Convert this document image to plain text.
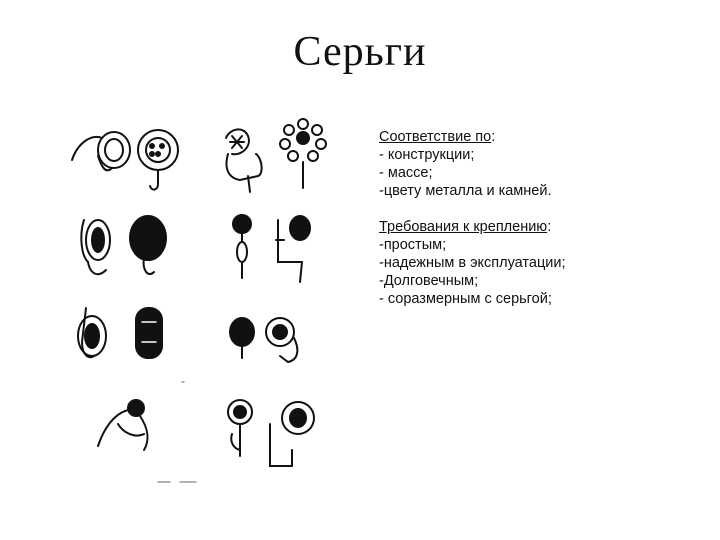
Серьги
Соответствие по:
- конструкции;
- массе;
-цвету металла и камней.
Требования к креплению:
-простым;
-надежным в эксплуатации;
-Долговечным;
- соразмерным с серьгой;
